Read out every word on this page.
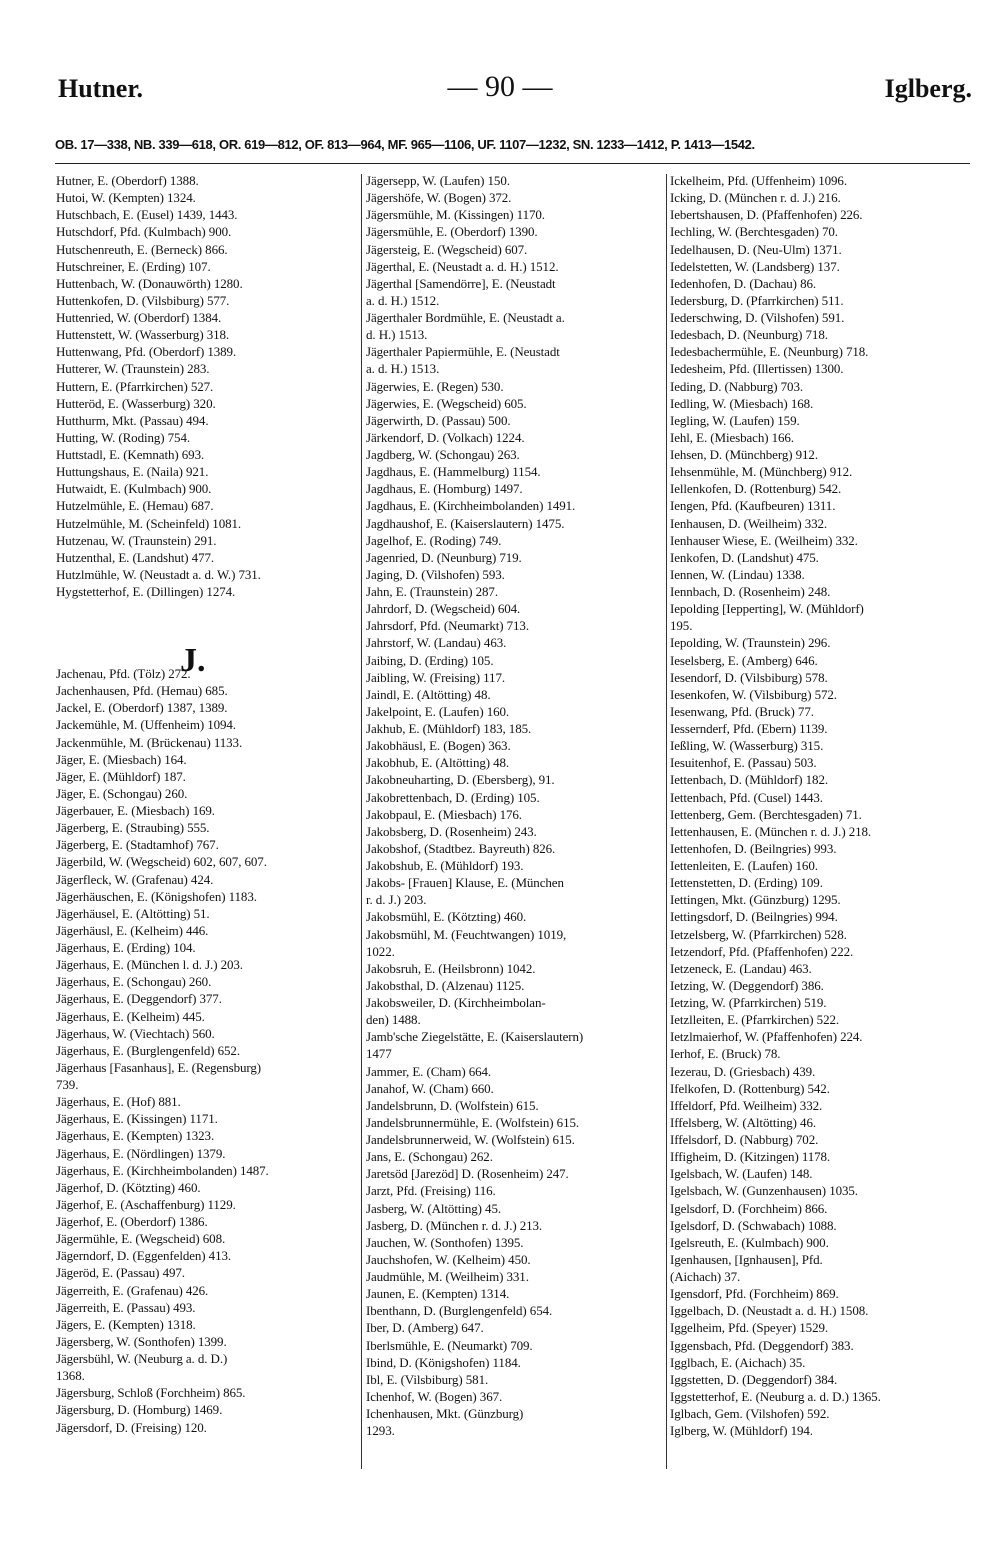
Hutner.	— 90 —	Iglberg.
OB. 17—338, NB. 339—618, OR. 619—812, OF. 813—964, MF. 965—1106, UF. 1107—1232, SN. 1233—1412, P. 1413—1542.
Hutner, E. (Oberdorf) 1388.
Hutoi, W. (Kempten) 1324.
Hutschbach, E. (Eusel) 1439, 1443.
Hutschdorf, Pfd. (Kulmbach) 900.
Hutschenreuth, E. (Berneck) 866.
Hutschreiner, E. (Erding) 107.
Huttenbach, W. (Donauwörth) 1280.
Huttenkofen, D. (Vilsbiburg) 577.
Huttenried, W. (Oberdorf) 1384.
Huttenstett, W. (Wasserburg) 318.
Huttenwang, Pfd. (Oberdorf) 1389.
Hutterer, W. (Traunstein) 283.
Huttern, E. (Pfarrkirchen) 527.
Hutteröd, E. (Wasserburg) 320.
Hutthurm, Mkt. (Passau) 494.
Hutting, W. (Roding) 754.
Huttstadl, E. (Kemnath) 693.
Huttungshaus, E. (Naila) 921.
Hutwaidt, E. (Kulmbach) 900.
Hutzelmühle, E. (Hemau) 687.
Hutzelmühle, M. (Scheinfeld) 1081.
Hutzenau, W. (Traunstein) 291.
Hutzenthal, E. (Landshut) 477.
Hutzlmühle, W. (Neustadt a. d. W.) 731.
Hygstetterhof, E. (Dillingen) 1274.
J.
Jachenau, Pfd. (Tölz) 272.
Jachenhausen, Pfd. (Hemau) 685.
Jackel, E. (Oberdorf) 1387, 1389.
Jackemühle, M. (Uffenheim) 1094.
Jackenmühle, M. (Brückenau) 1133.
Jäger, E. (Miesbach) 164.
Jäger, E. (Mühldorf) 187.
Jäger, E. (Schongau) 260.
Jägerbauer, E. (Miesbach) 169.
Jägerberg, E. (Straubing) 555.
Jägerberg, E. (Stadtamhof) 767.
Jägerbild, W. (Wegscheid) 602, 607, 607.
Jägerfleck, W. (Grafenau) 424.
Jägerhäuschen, E. (Königshofen) 1183.
Jägerhäusel, E. (Altötting) 51.
Jägerhäusl, E. (Kelheim) 446.
Jägerhaus, E. (Erding) 104.
Jägerhaus, E. (München l. d. J.) 203.
Jägerhaus, E. (Schongau) 260.
Jägerhaus, E. (Deggendorf) 377.
Jägerhaus, E. (Kelheim) 445.
Jägerhaus, W. (Viechtach) 560.
Jägerhaus, E. (Burglengenfeld) 652.
Jägerhaus [Fasanhaus], E. (Regensburg)
739.
Jägerhaus, E. (Hof) 881.
Jägerhaus, E. (Kissingen) 1171.
Jägerhaus, E. (Kempten) 1323.
Jägerhaus, E. (Nördlingen) 1379.
Jägerhaus, E. (Kirchheimbolanden) 1487.
Jägerhof, D. (Kötzting) 460.
Jägerhof, E. (Aschaffenburg) 1129.
Jägerhof, E. (Oberdorf) 1386.
Jägermühle, E. (Wegscheid) 608.
Jägerndorf, D. (Eggenfelden) 413.
Jägeröd, E. (Passau) 497.
Jägerreith, E. (Grafenau) 426.
Jägerreith, E. (Passau) 493.
Jägers, E. (Kempten) 1318.
Jägersberg, W. (Sonthofen) 1399.
Jägersbühl, W. (Neuburg a. d. D.)
1368.
Jägersburg, Schloß (Forchheim) 865.
Jägersburg, D. (Homburg) 1469.
Jägersdorf, D. (Freising) 120.
Jägersepp, W. (Laufen) 150.
Jägershöfe, W. (Bogen) 372.
Jägersmühle, M. (Kissingen) 1170.
Jägersmühle, E. (Oberdorf) 1390.
Jägersteig, E. (Wegscheid) 607.
Jägerthal, E. (Neustadt a. d. H.) 1512.
Jägerthal [Samendörre], E. (Neustadt
a. d. H.) 1512.
Jägerthaler Bordmühle, E. (Neustadt a.
d. H.) 1513.
Jägerthaler Papiermühle, E. (Neustadt
a. d. H.) 1513.
Jägerwies, E. (Regen) 530.
Jägerwies, E. (Wegscheid) 605.
Jägerwirth, D. (Passau) 500.
Järkendorf, D. (Volkach) 1224.
Jagdberg, W. (Schongau) 263.
Jagdhaus, E. (Hammelburg) 1154.
Jagdhaus, E. (Homburg) 1497.
Jagdhaus, E. (Kirchheimbolanden) 1491.
Jagdhaushof, E. (Kaiserslautern) 1475.
Jagelhof, E. (Roding) 749.
Jagenried, D. (Neunburg) 719.
Jaging, D. (Vilshofen) 593.
Jahn, E. (Traunstein) 287.
Jahrdorf, D. (Wegscheid) 604.
Jahrsdorf, Pfd. (Neumarkt) 713.
Jahrstorf, W. (Landau) 463.
Jaibing, D. (Erding) 105.
Jaibling, W. (Freising) 117.
Jaindl, E. (Altötting) 48.
Jakelpoint, E. (Laufen) 160.
Jakhub, E. (Mühldorf) 183, 185.
Jakobhäusl, E. (Bogen) 363.
Jakobhub, E. (Altötting) 48.
Jakobneuharting, D. (Ebersberg), 91.
Jakobrettenbach, D. (Erding) 105.
Jakobpaul, E. (Miesbach) 176.
Jakobsberg, D. (Rosenheim) 243.
Jakobshof, (Stadtbez. Bayreuth) 826.
Jakobshub, E. (Mühldorf) 193.
Jakobs- [Frauen] Klause, E. (München
r. d. J.) 203.
Jakobsmühl, E. (Kötzting) 460.
Jakobsmühl, M. (Feuchtwangen) 1019,
1022.
Jakobsruh, E. (Heilsbronn) 1042.
Jakobsthal, D. (Alzenau) 1125.
Jakobsweiler, D. (Kirchheimbolan-
den) 1488.
Jamb'sche Ziegelstätte, E. (Kaiserslautern)
1477
Jammer, E. (Cham) 664.
Janahof, W. (Cham) 660.
Jandelsbrunn, D. (Wolfstein) 615.
Jandelsbrunnermühle, E. (Wolfstein) 615.
Jandelsbrunnerweid, W. (Wolfstein) 615.
Jans, E. (Schongau) 262.
Jaretsöd [Jarezöd] D. (Rosenheim) 247.
Jarzt, Pfd. (Freising) 116.
Jasberg, W. (Altötting) 45.
Jasberg, D. (München r. d. J.) 213.
Jauchen, W. (Sonthofen) 1395.
Jauchshofen, W. (Kelheim) 450.
Jaudmühle, M. (Weilheim) 331.
Jaunen, E. (Kempten) 1314.
Ibenthann, D. (Burglengenfeld) 654.
Iber, D. (Amberg) 647.
Iberlsmühle, E. (Neumarkt) 709.
Ibind, D. (Königshofen) 1184.
Ibl, E. (Vilsbiburg) 581.
Ichenhof, W. (Bogen) 367.
Ichenhausen, Mkt. (Günzburg)
1293.
Ickelheim, Pfd. (Uffenheim) 1096.
Icking, D. (München r. d. J.) 216.
Iebertshausen, D. (Pfaffenhofen) 226.
Iechling, W. (Berchtesgaden) 70.
Iedelhausen, D. (Neu-Ulm) 1371.
Iedelstetten, W. (Landsberg) 137.
Iedenhofen, D. (Dachau) 86.
Iedersburg, D. (Pfarrkirchen) 511.
Iederschwing, D. (Vilshofen) 591.
Iedesbach, D. (Neunburg) 718.
Iedesbachermühle, E. (Neunburg) 718.
Iedesheim, Pfd. (Illertissen) 1300.
Ieding, D. (Nabburg) 703.
Iedling, W. (Miesbach) 168.
Iegling, W. (Laufen) 159.
Iehl, E. (Miesbach) 166.
Iehsen, D. (Münchberg) 912.
Iehsenmühle, M. (Münchberg) 912.
Iellenkofen, D. (Rottenburg) 542.
Iengen, Pfd. (Kaufbeuren) 1311.
Ienhausen, D. (Weilheim) 332.
Ienhauser Wiese, E. (Weilheim) 332.
Ienkofen, D. (Landshut) 475.
Iennen, W. (Lindau) 1338.
Iennbach, D. (Rosenheim) 248.
Iepolding [Iepperting], W. (Mühldorf)
195.
Iepolding, W. (Traunstein) 296.
Ieselsberg, E. (Amberg) 646.
Iesendorf, D. (Vilsbiburg) 578.
Iesenkofen, W. (Vilsbiburg) 572.
Iesenwang, Pfd. (Bruck) 77.
Iessernderf, Pfd. (Ebern) 1139.
Ießling, W. (Wasserburg) 315.
Iesuitenhof, E. (Passau) 503.
Iettenbach, D. (Mühldorf) 182.
Iettenbach, Pfd. (Cusel) 1443.
Iettenberg, Gem. (Berchtesgaden) 71.
Iettenhausen, E. (München r. d. J.) 218.
Iettenhofen, D. (Beilngries) 993.
Iettenleiten, E. (Laufen) 160.
Iettenstetten, D. (Erding) 109.
Iettingen, Mkt. (Günzburg) 1295.
Iettingsdorf, D. (Beilngries) 994.
Ietzelsberg, W. (Pfarrkirchen) 528.
Ietzendorf, Pfd. (Pfaffenhofen) 222.
Ietzeneck, E. (Landau) 463.
Ietzing, W. (Deggendorf) 386.
Ietzing, W. (Pfarrkirchen) 519.
Ietzlleiten, E. (Pfarrkirchen) 522.
Ietzlmaierhof, W. (Pfaffenhofen) 224.
Ierhof, E. (Bruck) 78.
Iezerau, D. (Griesbach) 439.
Ifelkofen, D. (Rottenburg) 542.
Iffeldorf, Pfd. Weilheim) 332.
Iffelsberg, W. (Altötting) 46.
Iffelsdorf, D. (Nabburg) 702.
Iffigheim, D. (Kitzingen) 1178.
Igelsbach, W. (Laufen) 148.
Igelsbach, W. (Gunzenhausen) 1035.
Igelsdorf, D. (Forchheim) 866.
Igelsdorf, D. (Schwabach) 1088.
Igelsreuth, E. (Kulmbach) 900.
Igenhausen, [Ignhausen], Pfd.
(Aichach) 37.
Igensdorf, Pfd. (Forchheim) 869.
Iggelbach, D. (Neustadt a. d. H.) 1508.
Iggelheim, Pfd. (Speyer) 1529.
Iggensbach, Pfd. (Deggendorf) 383.
Igglbach, E. (Aichach) 35.
Iggstetten, D. (Deggendorf) 384.
Iggstetterhof, E. (Neuburg a. d. D.) 1365.
Iglbach, Gem. (Vilshofen) 592.
Iglberg, W. (Mühldorf) 194.
